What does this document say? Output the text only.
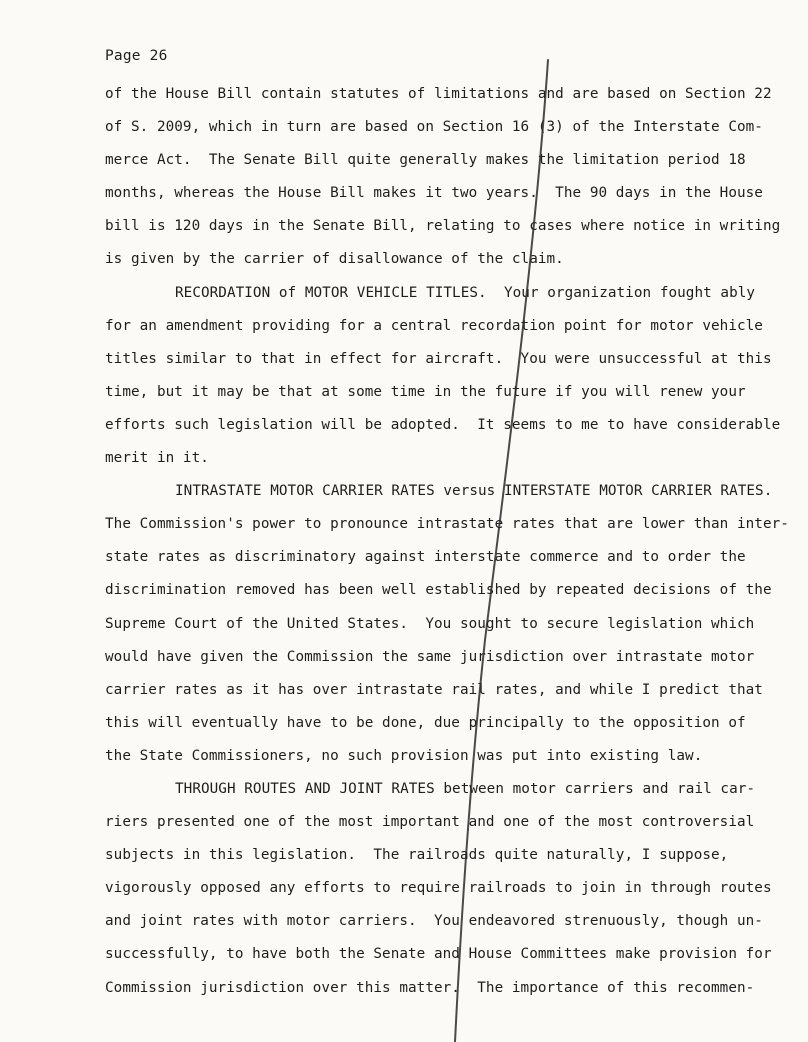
Page 26
of the House Bill contain statutes of limitations and are based on Section 22
of S. 2009, which in turn are based on Section 16 (3) of the Interstate Com-
merce Act.  The Senate Bill quite generally makes the limitation period 18
months, whereas the House Bill makes it two years.  The 90 days in the House
bill is 120 days in the Senate Bill, relating to cases where notice in writing
is given by the carrier of disallowance of the claim.
RECORDATION of MOTOR VEHICLE TITLES.  Your organization fought ably
for an amendment providing for a central recordation point for motor vehicle
titles similar to that in effect for aircraft.  You were unsuccessful at this
time, but it may be that at some time in the future if you will renew your
efforts such legislation will be adopted.  It seems to me to have considerable
merit in it.
INTRASTATE MOTOR CARRIER RATES versus INTERSTATE MOTOR CARRIER RATES.
The Commission's power to pronounce intrastate rates that are lower than inter-
state rates as discriminatory against interstate commerce and to order the
discrimination removed has been well established by repeated decisions of the
Supreme Court of the United States.  You sought to secure legislation which
would have given the Commission the same jurisdiction over intrastate motor
carrier rates as it has over intrastate rail rates, and while I predict that
this will eventually have to be done, due principally to the opposition of
the State Commissioners, no such provision was put into existing law.
THROUGH ROUTES AND JOINT RATES between motor carriers and rail car-
riers presented one of the most important and one of the most controversial
subjects in this legislation.  The railroads quite naturally, I suppose,
vigorously opposed any efforts to require railroads to join in through routes
and joint rates with motor carriers.  You endeavored strenuously, though un-
successfully, to have both the Senate and House Committees make provision for
Commission jurisdiction over this matter.  The importance of this recommen-
